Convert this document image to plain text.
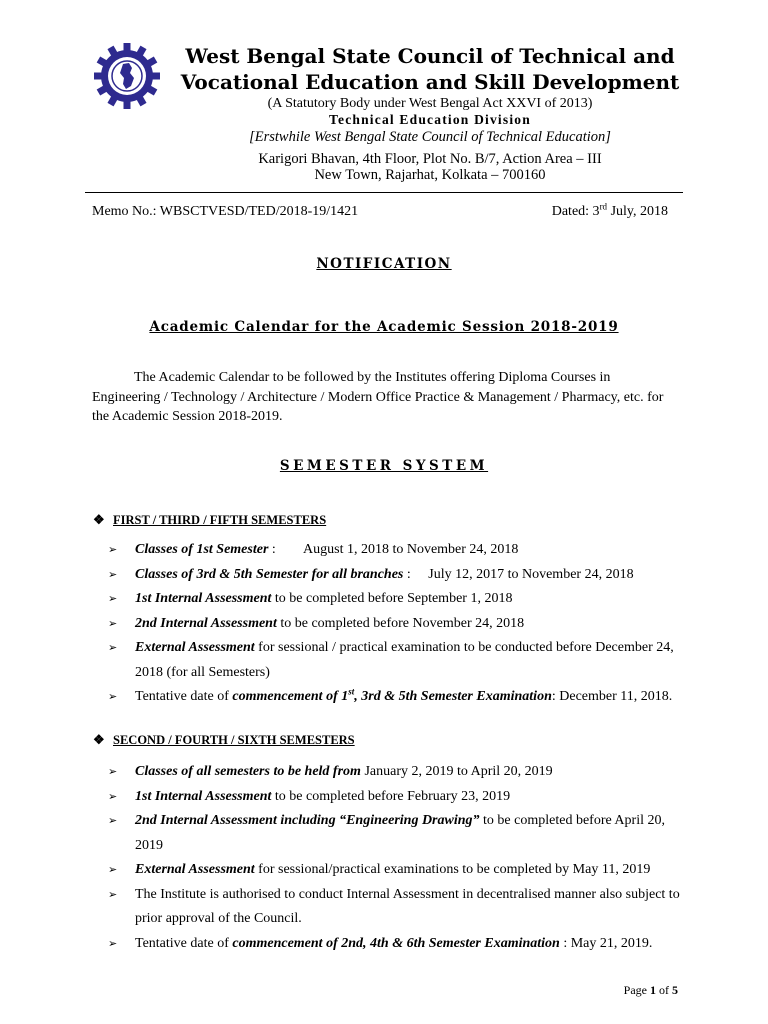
West Bengal State Council of Technical and
Vocational Education and Skill Development
(A Statutory Body under West Bengal Act XXVI of 2013)
Technical Education Division
[Erstwhile West Bengal State Council of Technical Education]
Karigori Bhavan, 4th Floor, Plot No. B/7, Action Area – III
New Town, Rajarhat, Kolkata – 700160
Memo No.: WBSCTVESD/TED/2018-19/1421	Dated: 3rd July, 2018
NOTIFICATION
Academic Calendar for the Academic Session 2018-2019

The Academic Calendar to be followed by the Institutes offering Diploma Courses in Engineering / Technology / Architecture / Modern Office Practice & Management / Pharmacy, etc. for the Academic Session 2018-2019.

SEMESTER SYSTEM
❖ FIRST / THIRD / FIFTH SEMESTERS
➢ Classes of 1st Semester :        August 1, 2018 to November 24, 2018
➢ Classes of 3rd & 5th Semester for all branches :     July 12, 2017 to November 24, 2018
➢ 1st Internal Assessment to be completed before September 1, 2018
➢ 2nd Internal Assessment to be completed before November 24, 2018
➢ External Assessment for sessional / practical examination to be conducted before December 24, 2018 (for all Semesters)
➢ Tentative date of commencement of 1st, 3rd & 5th Semester Examination: December 11, 2018.
❖ SECOND / FOURTH / SIXTH SEMESTERS
➢ Classes of all semesters to be held from January 2, 2019 to April 20, 2019
➢ 1st Internal Assessment to be completed before February 23, 2019
➢ 2nd Internal Assessment including “Engineering Drawing” to be completed before April 20, 2019
➢ External Assessment for sessional/practical examinations to be completed by May 11, 2019
➢ The Institute is authorised to conduct Internal Assessment in decentralised manner also subject to prior approval of the Council.
➢ Tentative date of commencement of 2nd, 4th & 6th Semester Examination : May 21, 2019.
Page 1 of 5
